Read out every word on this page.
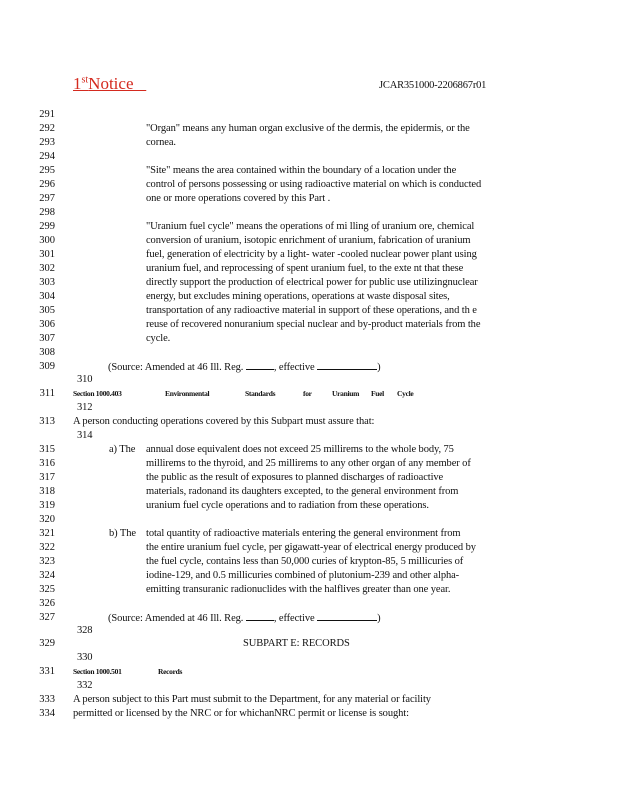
1stNotice	JCAR351000-2206867r01
291
292
293
294
295
296
297
298
299
300
301
302
303
304
305
306
307
308
309
310
311
312
313
314
315
316
317
318
319
320
321
322
323
324
325
326
327
328
329
330
331
332
333
334
"Organ" means any human organ exclusive of the dermis, the epidermis, or the
cornea.
"Site" means the area contained within the boundary of a location under the
control of persons possessing or using radioactive material on which is conducted
one or more operations covered by this Part .
"Uranium fuel cycle" means the operations of mi lling of uranium ore, chemical
conversion of uranium, isotopic enrichment of uranium, fabrication of uranium
fuel, generation of electricity by a light- water -cooled nuclear power plant using
uranium fuel, and reprocessing of spent uranium fuel, to the exte nt that these
directly support the production of electrical power for public use utilizingnuclear
energy, but excludes mining operations, operations at waste disposal sites,
transportation of any radioactive material in support of these operations, and th e
reuse of recovered nonuranium special nuclear and by-product materials from the
cycle.
(Source: Amended at 46 Ill. Reg.	, effective	)
Section 1000.403	Environmental	Standards	for	Uranium Fuel Cycle
A person conducting operations covered by this Subpart must assure that:
a) The annual dose equivalent does not exceed 25 millirems to the whole body, 75
millirems to the thyroid, and 25 millirems to any other organ of any member of
the public as the result of exposures to planned discharges of radioactive
materials, radonand its daughters excepted, to the general environment from
uranium fuel cycle operations and to radiation from these operations.
b) The total quantity of radioactive materials entering the general environment from
the entire uranium fuel cycle, per gigawatt-year of electrical energy produced by
the fuel cycle, contains less than 50,000 curies of krypton-85, 5 millicuries of
iodine-129, and 0.5 millicuries combined of plutonium-239 and other alpha-
emitting transuranic radionuclides with the halflives greater than one year.
(Source: Amended at 46 Ill. Reg.	, effective	)
SUBPART E: RECORDS
Section 1000.501	Records
A person subject to this Part must submit to the Department, for any material or facility
permitted or licensed by the NRC or for whichanNRC permit or license is sought:
